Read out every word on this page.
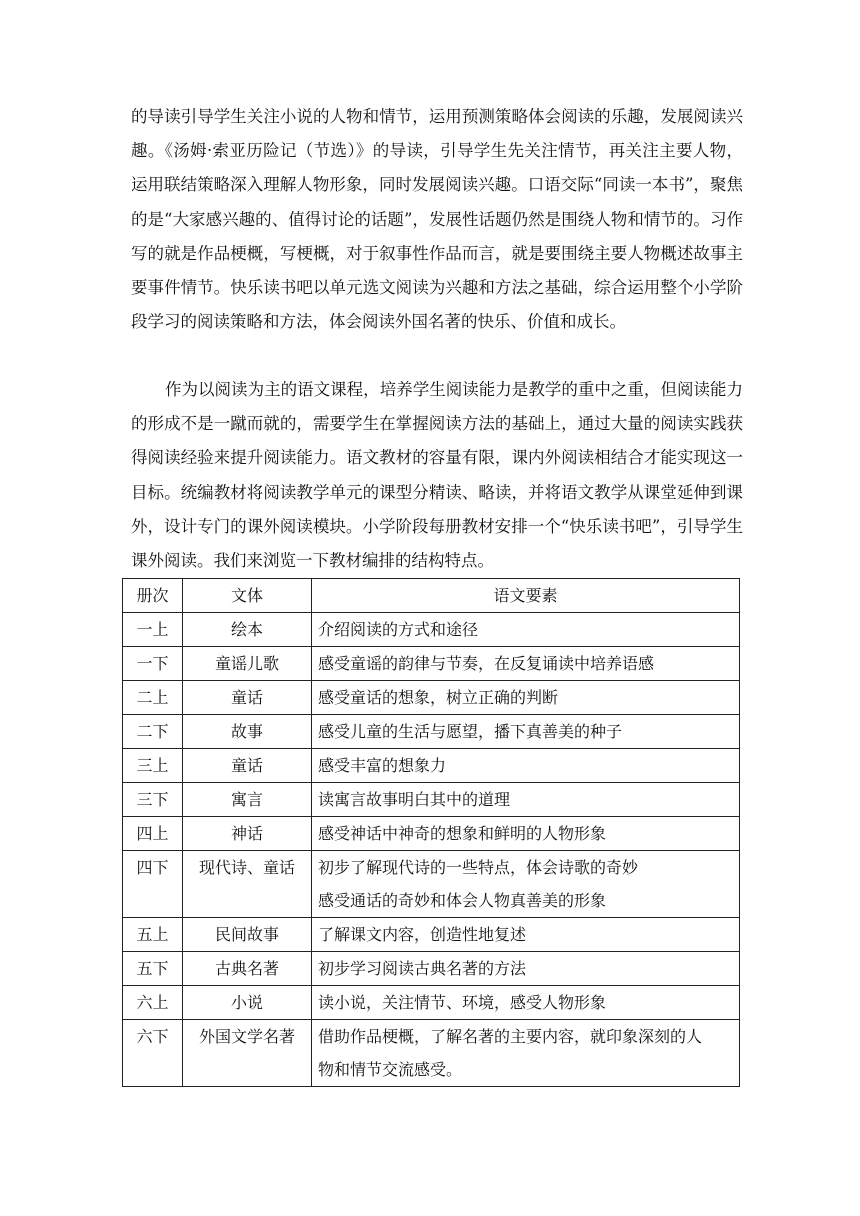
的导读引导学生关注小说的人物和情节，运用预测策略体会阅读的乐趣，发展阅读兴趣。《汤姆·索亚历险记（节选）》的导读，引导学生先关注情节，再关注主要人物，运用联结策略深入理解人物形象，同时发展阅读兴趣。口语交际“同读一本书”，聚焦的是“大家感兴趣的、值得讨论的话题”，发展性话题仍然是围绕人物和情节的。习作写的就是作品梗概，写梗概，对于叙事性作品而言，就是要围绕主要人物概述故事主要事件情节。快乐读书吧以单元选文阅读为兴趣和方法之基础，综合运用整个小学阶段学习的阅读策略和方法，体会阅读外国名著的快乐、价值和成长。

作为以阅读为主的语文课程，培养学生阅读能力是教学的重中之重，但阅读能力的形成不是一蹴而就的，需要学生在掌握阅读方法的基础上，通过大量的阅读实践获得阅读经验来提升阅读能力。语文教材的容量有限，课内外阅读相结合才能实现这一目标。统编教材将阅读教学单元的课型分精读、略读，并将语文教学从课堂延伸到课外，设计专门的课外阅读模块。小学阶段每册教材安排一个“快乐读书吧”，引导学生课外阅读。我们来浏览一下教材编排的结构特点。

册次	文体	语文要素
一上	绘本	介绍阅读的方式和途径
一下	童谣儿歌	感受童谣的韵律与节奏，在反复诵读中培养语感
二上	童话	感受童话的想象，树立正确的判断
二下	故事	感受儿童的生活与愿望，播下真善美的种子
三上	童话	感受丰富的想象力
三下	寓言	读寓言故事明白其中的道理
四上	神话	感受神话中神奇的想象和鲜明的人物形象
四下	现代诗、童话	初步了解现代诗的一些特点，体会诗歌的奇妙
感受通话的奇妙和体会人物真善美的形象

五上	民间故事	了解课文内容，创造性地复述
五下	古典名著	初步学习阅读古典名著的方法
六上	小说	读小说，关注情节、环境，感受人物形象
六下	外国文学名著	借助作品梗概，了解名著的主要内容，就印象深刻的人
物和情节交流感受。
